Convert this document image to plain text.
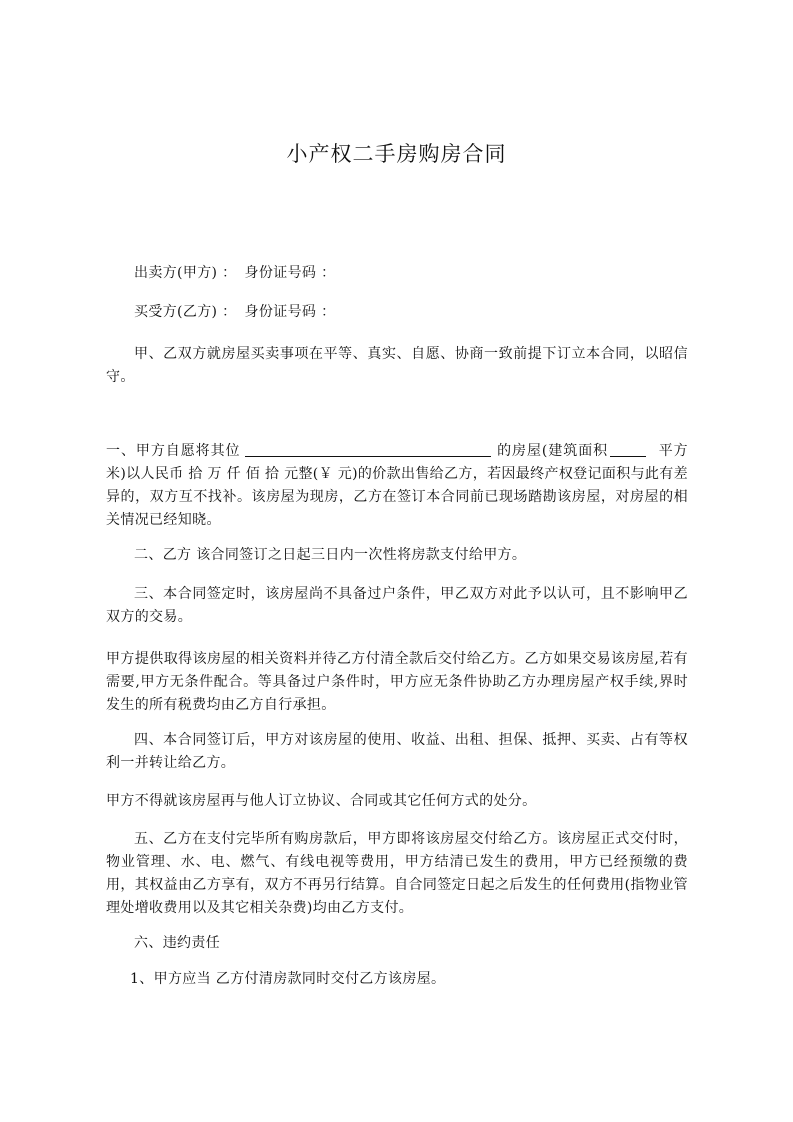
小产权二手房购房合同
出卖方(甲方) ： 身份证号码 ：
买受方(乙方) ： 身份证号码 ：
甲、乙双方就房屋买卖事项在平等、真实、自愿、协商一致前提下订立本合同，以昭信守。
一、甲方自愿将其位	的房屋(建筑面积	平方米)以人民币 拾 万 仟 佰 拾 元整(￥ 元)的价款出售给乙方，若因最终产权登记面积与此有差异的，双方互不找补。该房屋为现房，乙方在签订本合同前已现场踏勘该房屋，对房屋的相关情况已经知晓。
二、乙方 该合同签订之日起三日内一次性将房款支付给甲方。
三、本合同签定时，该房屋尚不具备过户条件，甲乙双方对此予以认可，且不影响甲乙双方的交易。
甲方提供取得该房屋的相关资料并待乙方付清全款后交付给乙方。乙方如果交易该房屋,若有需要,甲方无条件配合。等具备过户条件时，甲方应无条件协助乙方办理房屋产权手续,界时发生的所有税费均由乙方自行承担。
四、本合同签订后，甲方对该房屋的使用、收益、出租、担保、抵押、买卖、占有等权利一并转让给乙方。
甲方不得就该房屋再与他人订立协议、合同或其它任何方式的处分。
五、乙方在支付完毕所有购房款后，甲方即将该房屋交付给乙方。该房屋正式交付时，物业管理、水、电、燃气、有线电视等费用，甲方结清已发生的费用，甲方已经预缴的费用，其权益由乙方享有，双方不再另行结算。自合同签定日起之后发生的任何费用(指物业管理处增收费用以及其它相关杂费)均由乙方支付。
六、违约责任
1、甲方应当 乙方付清房款同时交付乙方该房屋。
